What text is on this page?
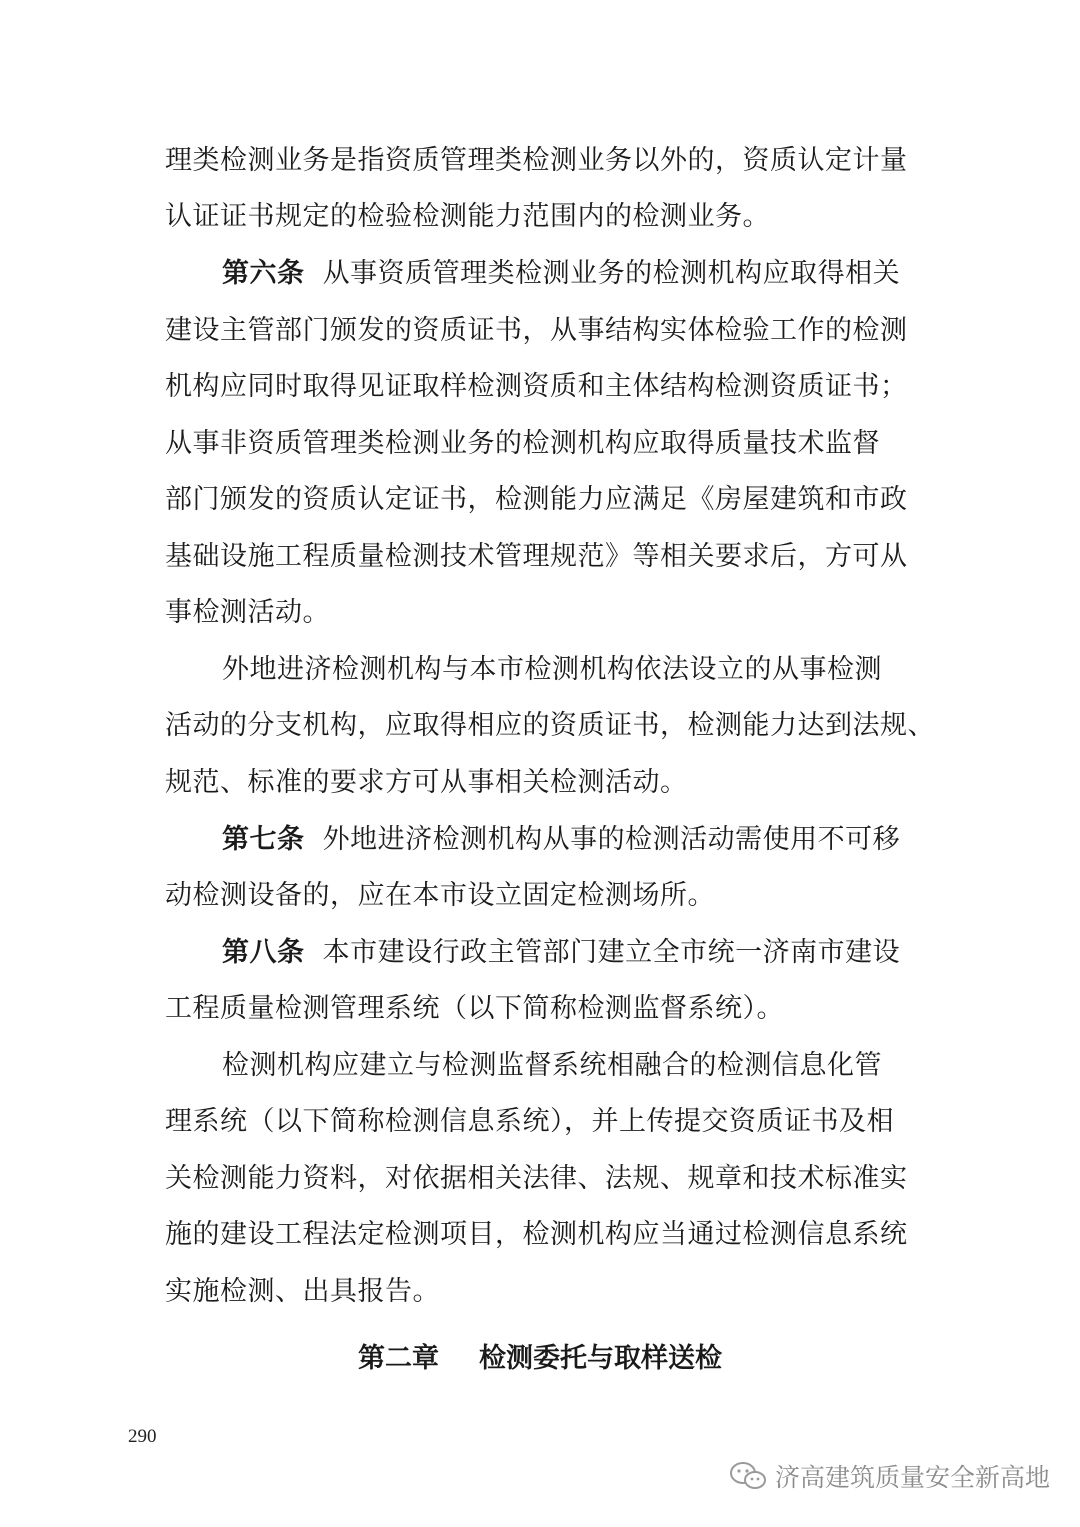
理类检测业务是指资质管理类检测业务以外的，资质认定计量
认证证书规定的检验检测能力范围内的检测业务。
第六条 从事资质管理类检测业务的检测机构应取得相关
建设主管部门颁发的资质证书，从事结构实体检验工作的检测
机构应同时取得见证取样检测资质和主体结构检测资质证书；
从事非资质管理类检测业务的检测机构应取得质量技术监督
部门颁发的资质认定证书，检测能力应满足《房屋建筑和市政
基础设施工程质量检测技术管理规范》等相关要求后，方可从
事检测活动。
外地进济检测机构与本市检测机构依法设立的从事检测
活动的分支机构，应取得相应的资质证书，检测能力达到法规、
规范、标准的要求方可从事相关检测活动。
第七条 外地进济检测机构从事的检测活动需使用不可移
动检测设备的，应在本市设立固定检测场所。
第八条 本市建设行政主管部门建立全市统一济南市建设
工程质量检测管理系统（以下简称检测监督系统）。
检测机构应建立与检测监督系统相融合的检测信息化管
理系统（以下简称检测信息系统），并上传提交资质证书及相
关检测能力资料，对依据相关法律、法规、规章和技术标准实
施的建设工程法定检测项目，检测机构应当通过检测信息系统
实施检测、出具报告。
第二章 检测委托与取样送检
290
济高建筑质量安全新高地
